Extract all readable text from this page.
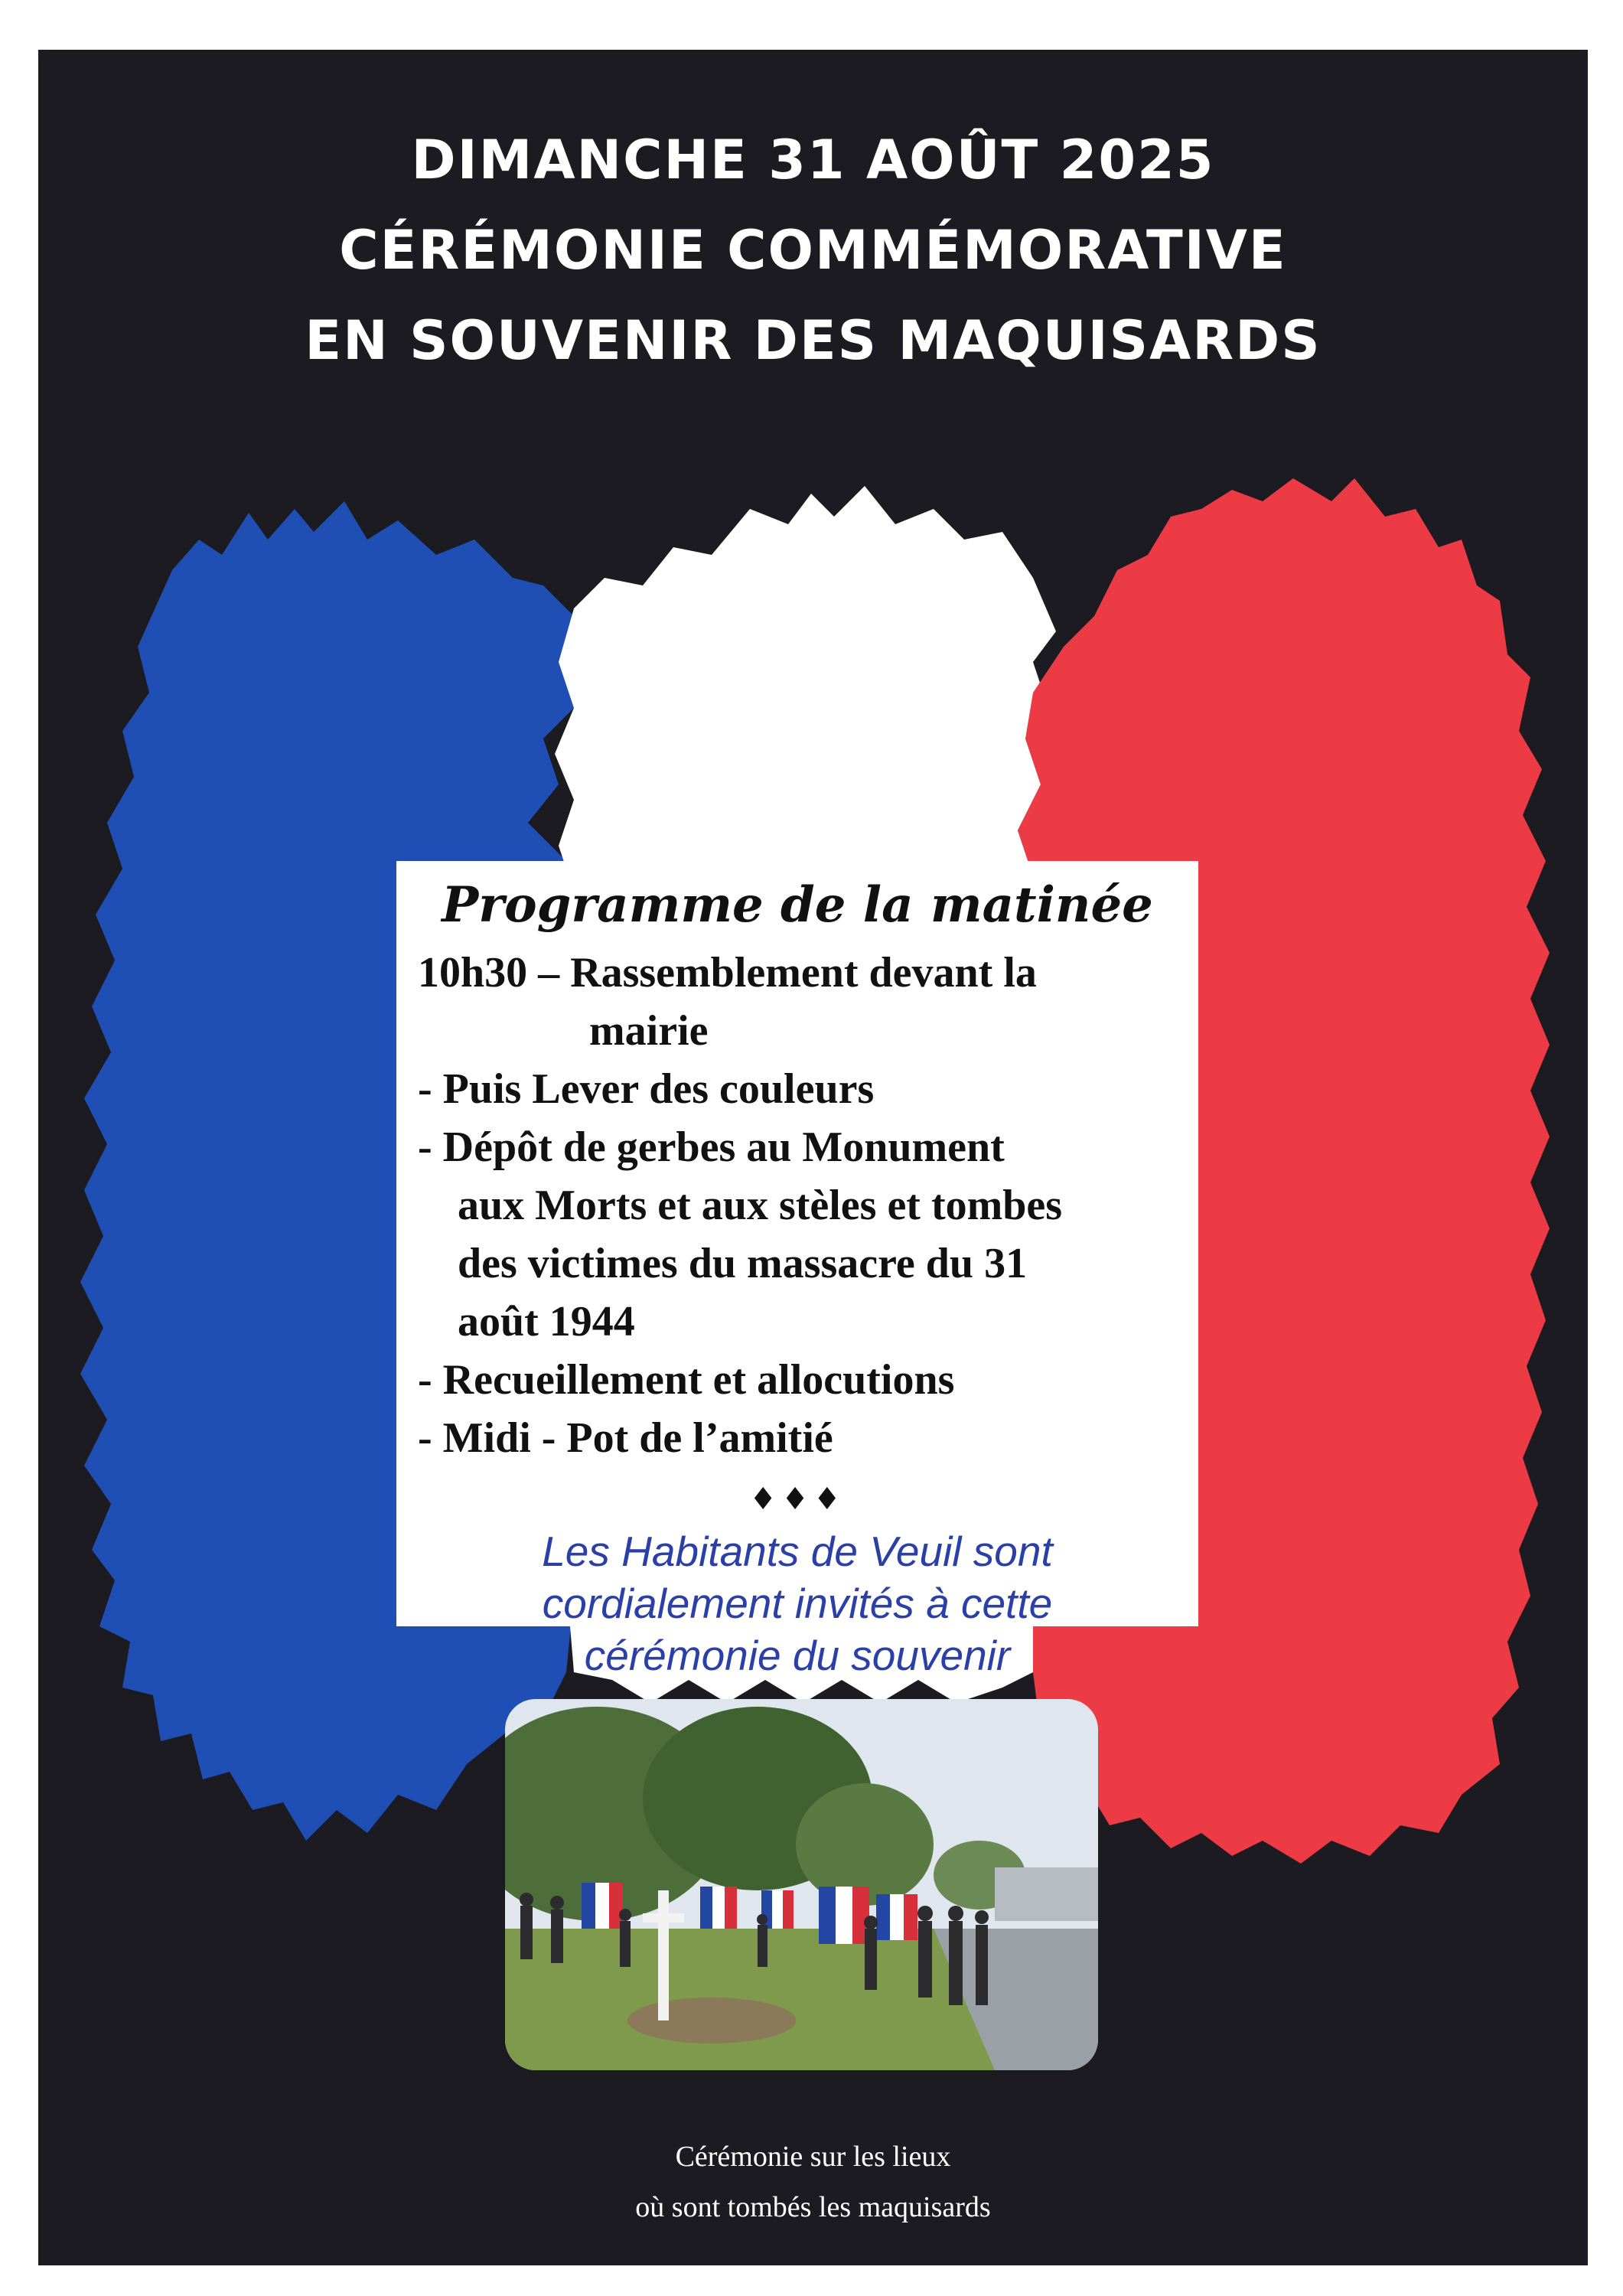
DIMANCHE 31 AOÛT 2025
CÉRÉMONIE COMMÉMORATIVE
EN SOUVENIR DES MAQUISARDS
Programme de la matinée
10h30 – Rassemblement devant la
mairie
- Puis Lever des couleurs
- Dépôt de gerbes au Monument
aux Morts et aux stèles et tombes
des victimes du massacre du 31
août 1944
- Recueillement et allocutions
- Midi - Pot de l’amitié
♦♦♦

Les Habitants de Veuil sont
cordialement invités à cette
cérémonie du souvenir

Cérémonie sur les lieux
où sont tombés les maquisards
